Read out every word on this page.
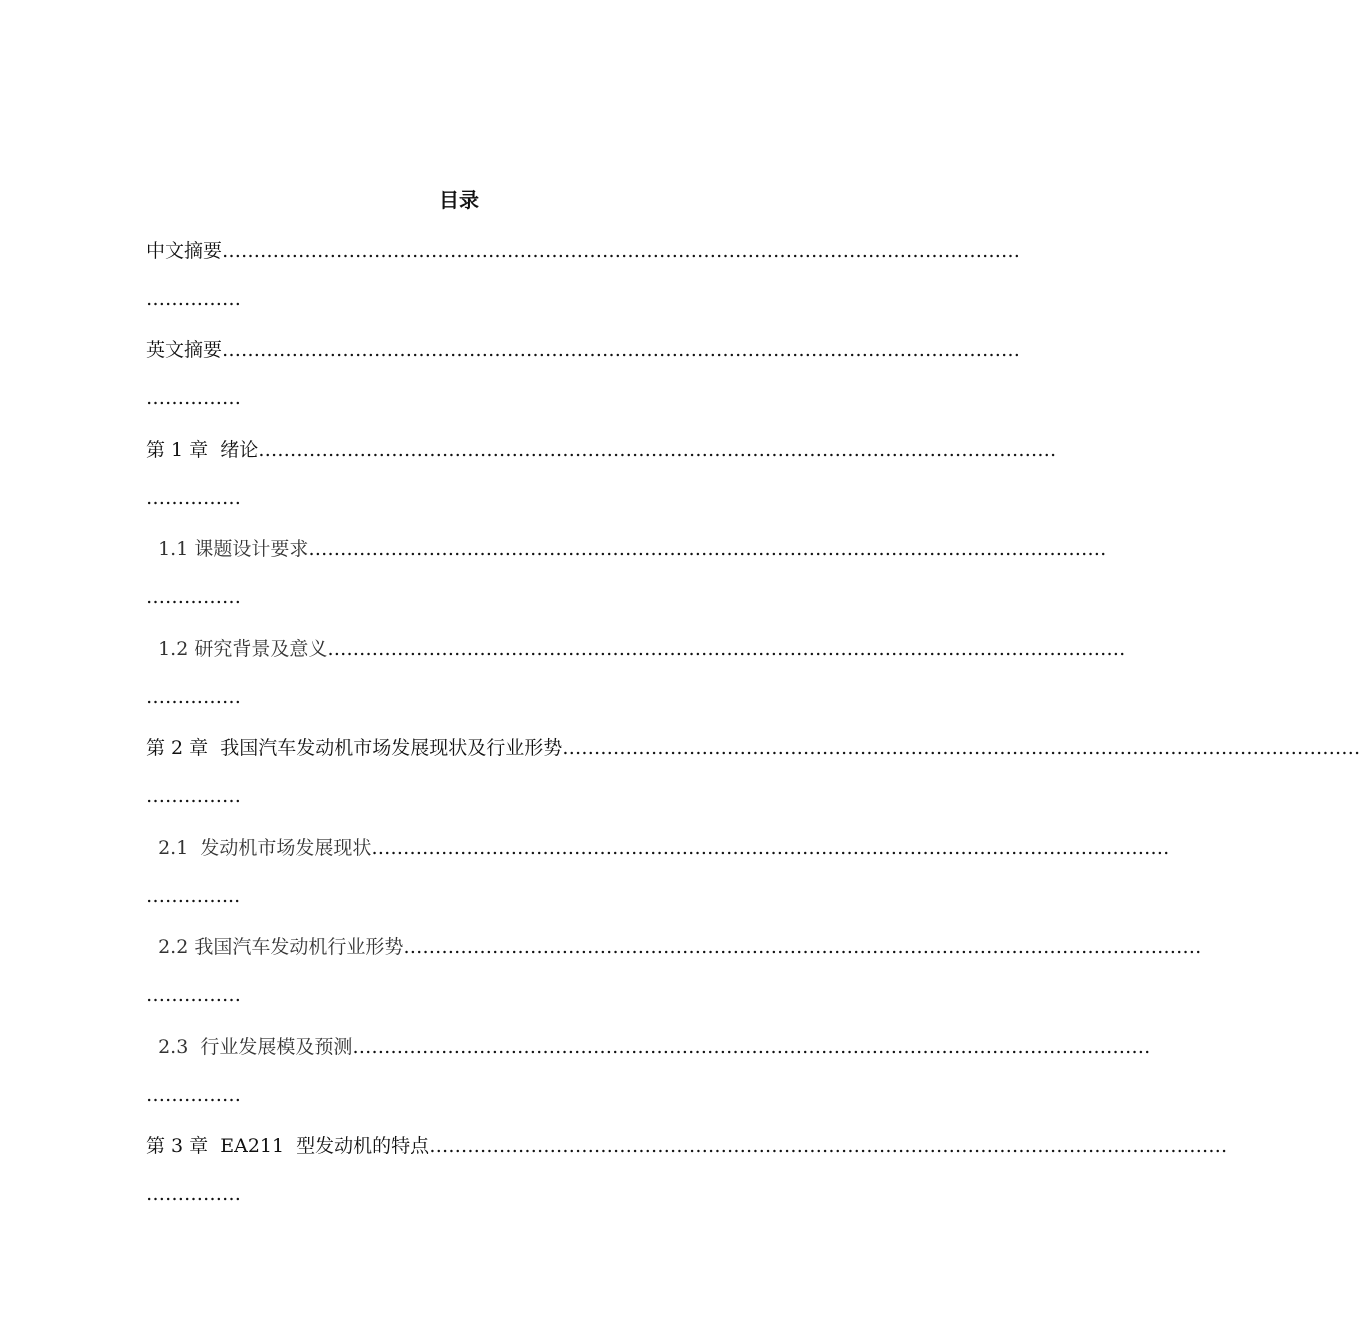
目录
中文摘要………………………………………………………………………………………………………………
……………
英文摘要………………………………………………………………………………………………………………
……………
第 1 章  绪论………………………………………………………………………………………………………………
……………
1.1 课题设计要求………………………………………………………………………………………………………………
……………
1.2 研究背景及意义………………………………………………………………………………………………………………
……………
第 2 章  我国汽车发动机市场发展现状及行业形势………………………………………………………………………………………………………………
……………
2.1  发动机市场发展现状………………………………………………………………………………………………………………
…………...
2.2 我国汽车发动机行业形势………………………………………………………………………………………………………………
……………
2.3  行业发展模及预测………………………………………………………………………………………………………………
……………
第 3 章  EA211  型发动机的特点………………………………………………………………………………………………………………
……………
